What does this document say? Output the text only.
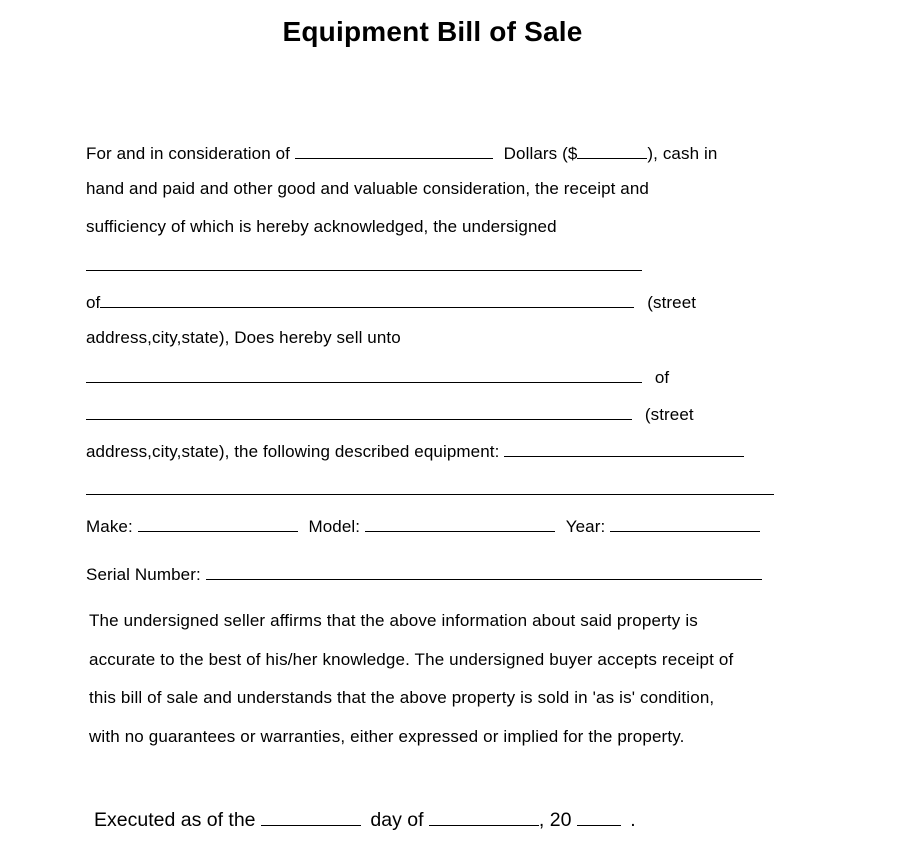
Equipment Bill of Sale
For and in consideration of	Dollars ($	), cash in
hand and paid and other good and valuable consideration, the receipt and
sufficiency of which is hereby acknowledged, the undersigned
of	(street
address,city,state), Does hereby sell unto
of
(street
address,city,state), the following described equipment:
Make:	Model:	Year:
Serial Number:
The undersigned seller affirms that the above information about said property is
accurate to the best of his/her knowledge. The undersigned buyer accepts receipt of
this bill of sale and understands that the above property is sold in 'as is' condition,
with no guarantees or warranties, either expressed or implied for the property.
Executed as of the	day of	, 20	.
